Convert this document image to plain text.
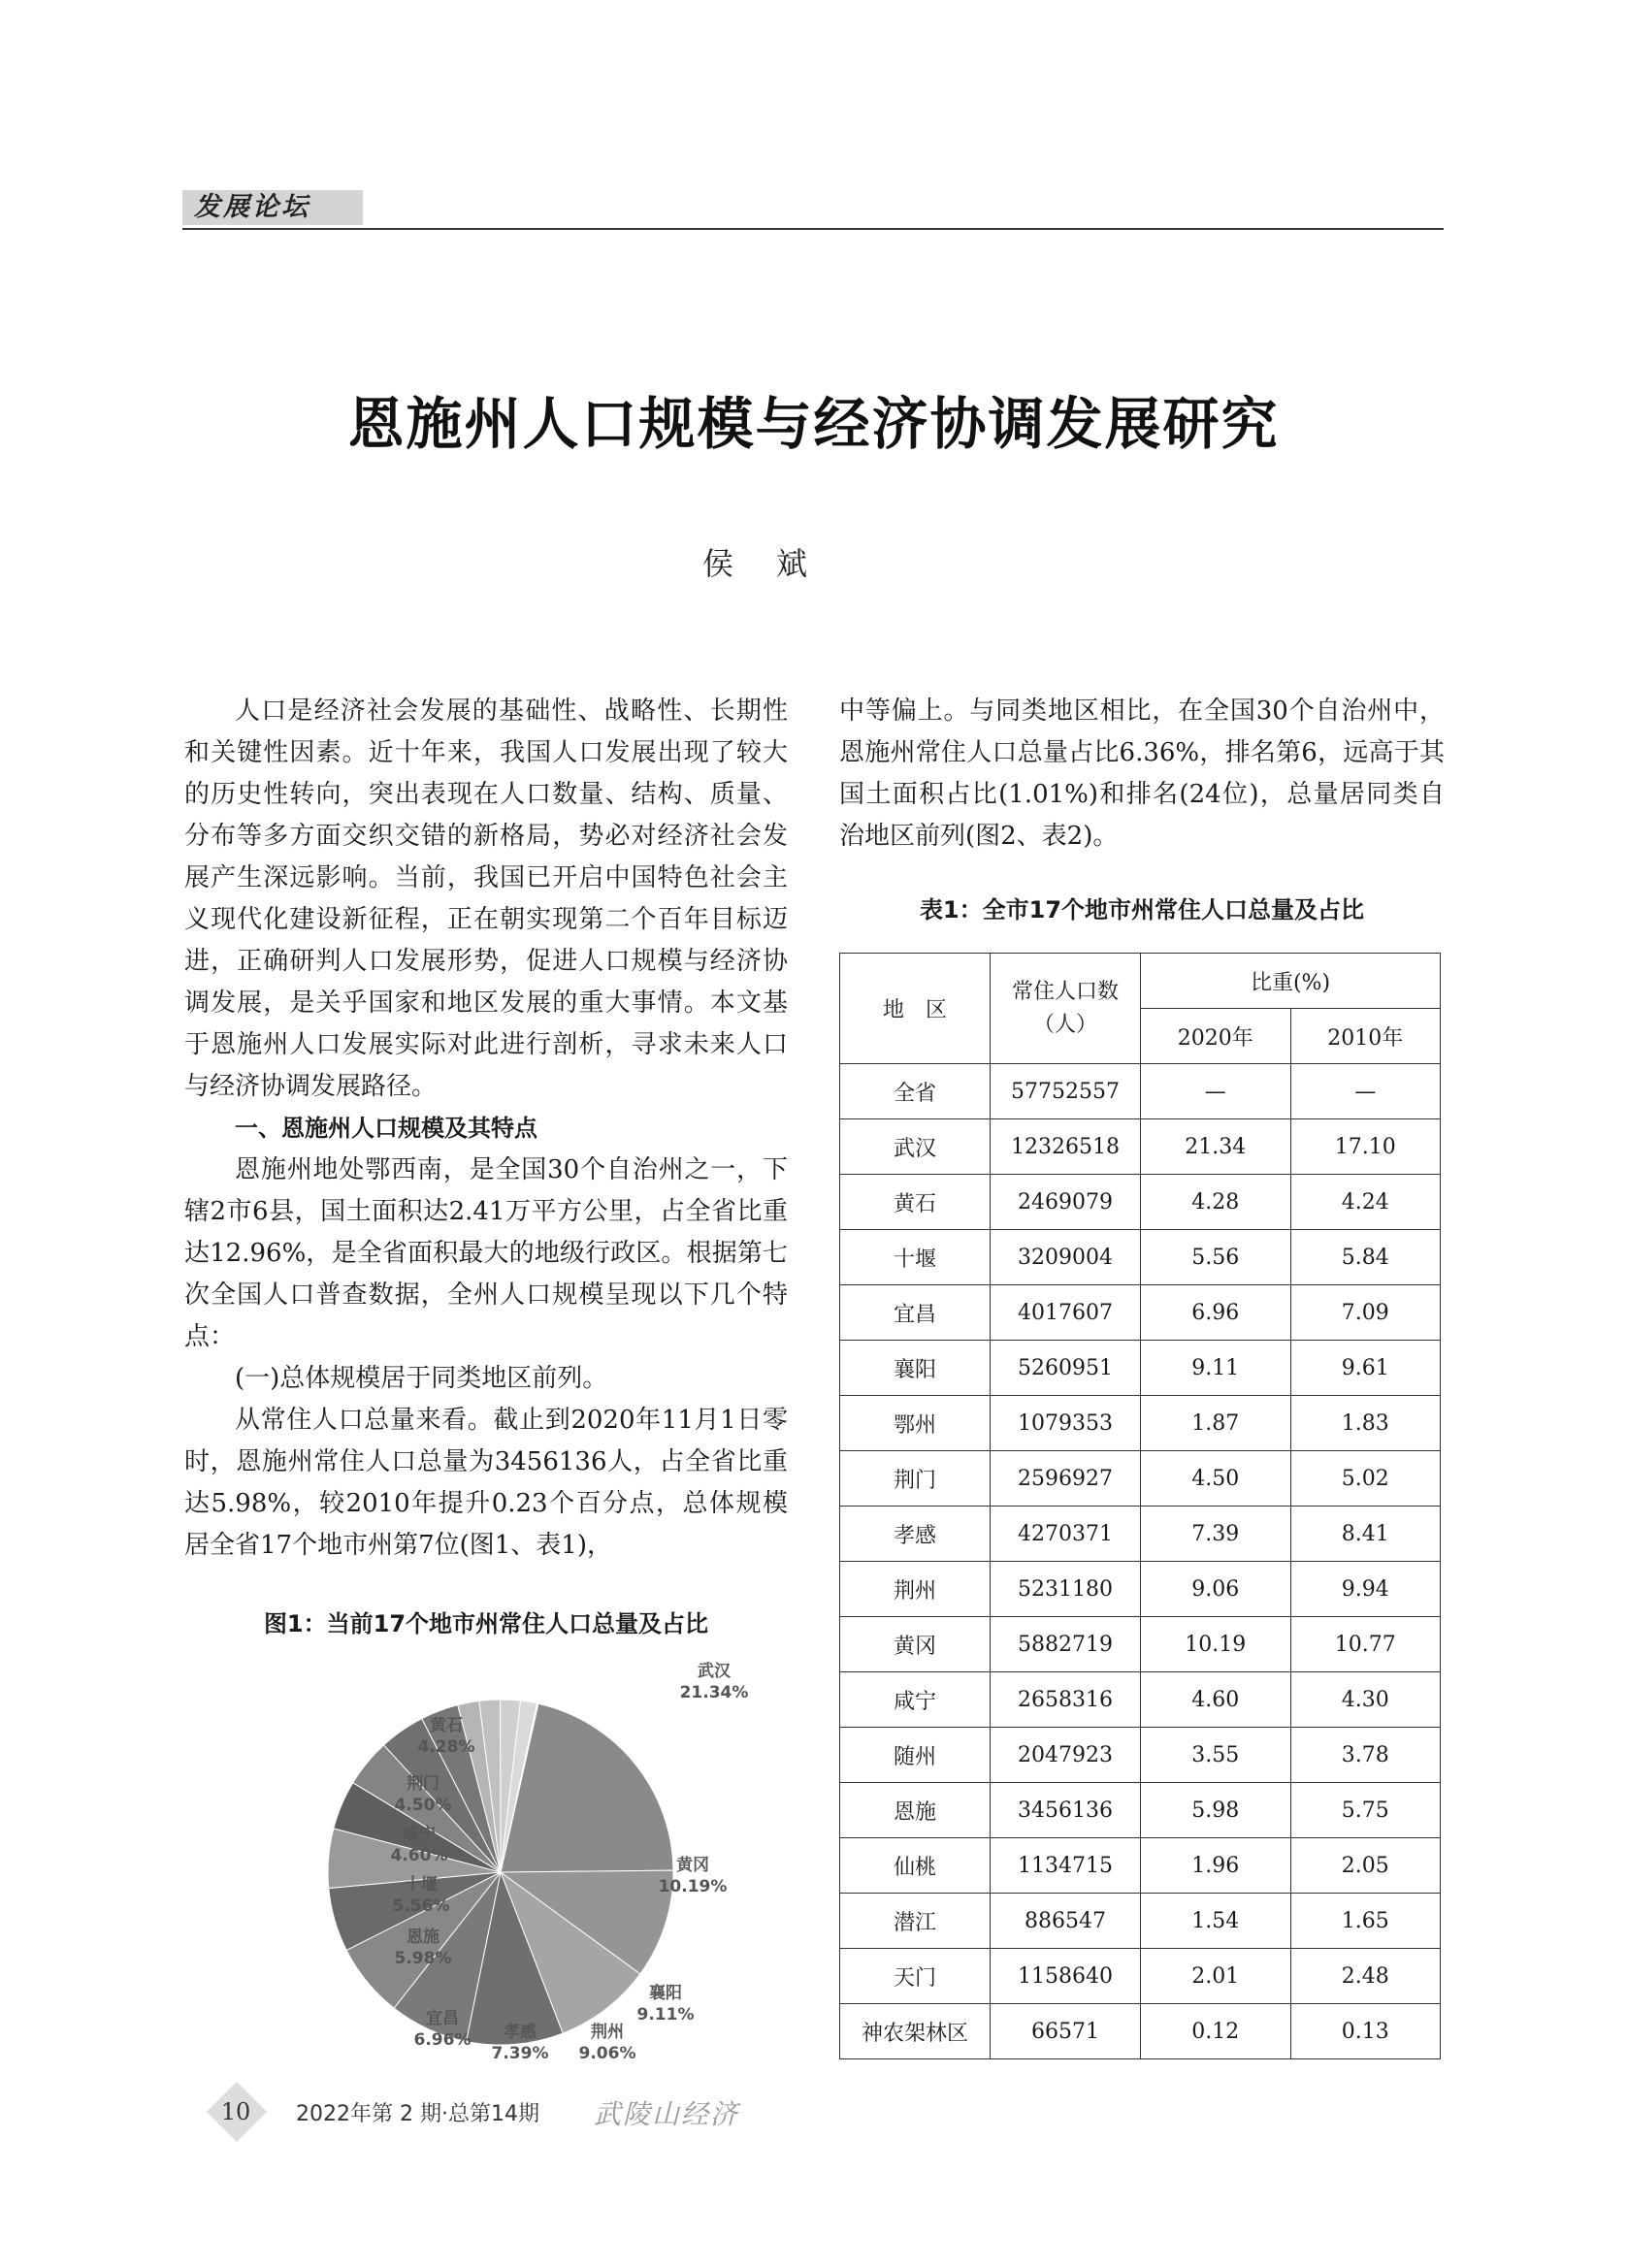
发展论坛
恩施州人口规模与经济协调发展研究
侯斌

人口是经济社会发展的基础性、战略性、长期性和关键性因素。近十年来，我国人口发展出现了较大的历史性转向，突出表现在人口数量、结构、质量、分布等多方面交织交错的新格局，势必对经济社会发展产生深远影响。当前，我国已开启中国特色社会主义现代化建设新征程，正在朝实现第二个百年目标迈进，正确研判人口发展形势，促进人口规模与经济协调发展，是关乎国家和地区发展的重大事情。本文基于恩施州人口发展实际对此进行剖析，寻求未来人口与经济协调发展路径。

一、恩施州人口规模及其特点

恩施州地处鄂西南，是全国30个自治州之一，下辖2市6县，国土面积达2.41万平方公里，占全省比重达12.96%，是全省面积最大的地级行政区。根据第七次全国人口普查数据，全州人口规模呈现以下几个特点：

(一)总体规模居于同类地区前列。

从常住人口总量来看。截止到2020年11月1日零时，恩施州常住人口总量为3456136人，占全省比重达5.98%，较2010年提升0.23个百分点，总体规模居全省17个地市州第7位(图1、表1)，

中等偏上。与同类地区相比，在全国30个自治州中，恩施州常住人口总量占比6.36%，排名第6，远高于其国土面积占比(1.01%)和排名(24位)，总量居同类自治地区前列(图2、表2)。

图1：当前17个地市州常住人口总量及占比
武汉
21.34%
黄冈
10.19%
襄阳
9.11%
荆州
9.06%
孝感
7.39%
宜昌
6.96%
恩施
5.98%
十堰
5.56%
咸宁
4.60%
荆门
4.50%
黄石
4.28%
表1：全市17个地市州常住人口总量及占比
地　区	常住人口数（人）	比重(%)	
		2020年	2010年
全省	57752557	—	—
武汉	12326518	21.34	17.10
黄石	2469079	4.28	4.24
十堰	3209004	5.56	5.84
宜昌	4017607	6.96	7.09
襄阳	5260951	9.11	9.61
鄂州	1079353	1.87	1.83
荆门	2596927	4.50	5.02
孝感	4270371	7.39	8.41
荆州	5231180	9.06	9.94
黄冈	5882719	10.19	10.77
咸宁	2658316	4.60	4.30
随州	2047923	3.55	3.78
恩施	3456136	5.98	5.75
仙桃	1134715	1.96	2.05
潜江	886547	1.54	1.65
天门	1158640	2.01	2.48
神农架林区	66571	0.12	0.13
10	2022年第 2 期·总第14期 武陵山经济
